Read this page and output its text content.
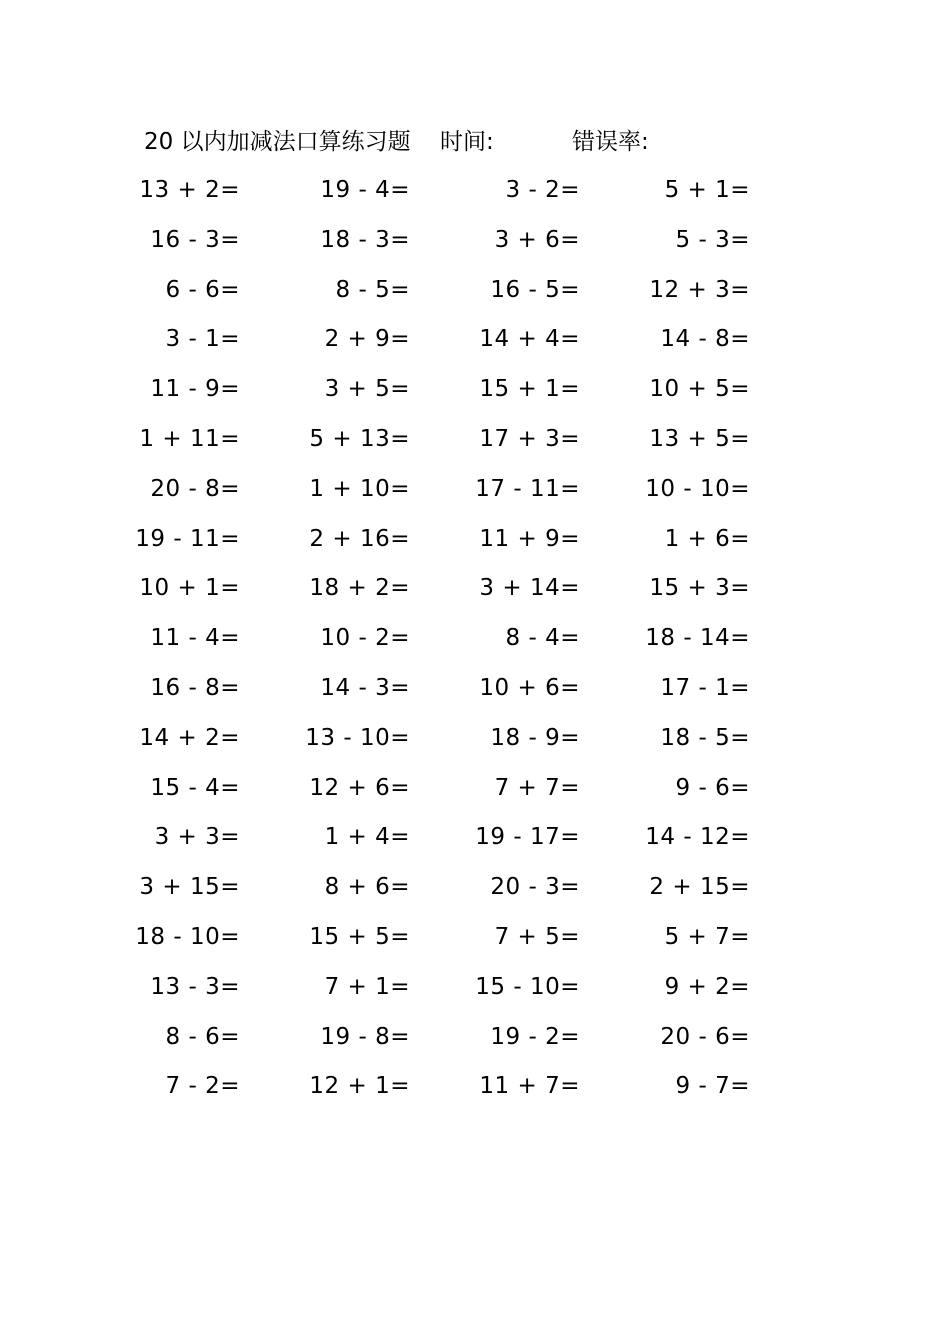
20 以内加减法口算练习题 时间:	错误率:
13 + 2=	19 - 4=	3 - 2=	5 + 1=
16 - 3=	18 - 3=	3 + 6=	5 - 3=
6 - 6=	8 - 5=	16 - 5=	12 + 3=
3 - 1=	2 + 9=	14 + 4=	14 - 8=
11 - 9=	3 + 5=	15 + 1=	10 + 5=
1 + 11=	5 + 13=	17 + 3=	13 + 5=
20 - 8=	1 + 10=	17 - 11=	10 - 10=
19 - 11=	2 + 16=	11 + 9=	1 + 6=
10 + 1=	18 + 2=	3 + 14=	15 + 3=
11 - 4=	10 - 2=	8 - 4=	18 - 14=
16 - 8=	14 - 3=	10 + 6=	17 - 1=
14 + 2=	13 - 10=	18 - 9=	18 - 5=
15 - 4=	12 + 6=	7 + 7=	9 - 6=
3 + 3=	1 + 4=	19 - 17=	14 - 12=
3 + 15=	8 + 6=	20 - 3=	2 + 15=
18 - 10=	15 + 5=	7 + 5=	5 + 7=
13 - 3=	7 + 1=	15 - 10=	9 + 2=
8 - 6=	19 - 8=	19 - 2=	20 - 6=
7 - 2=	12 + 1=	11 + 7=	9 - 7=
